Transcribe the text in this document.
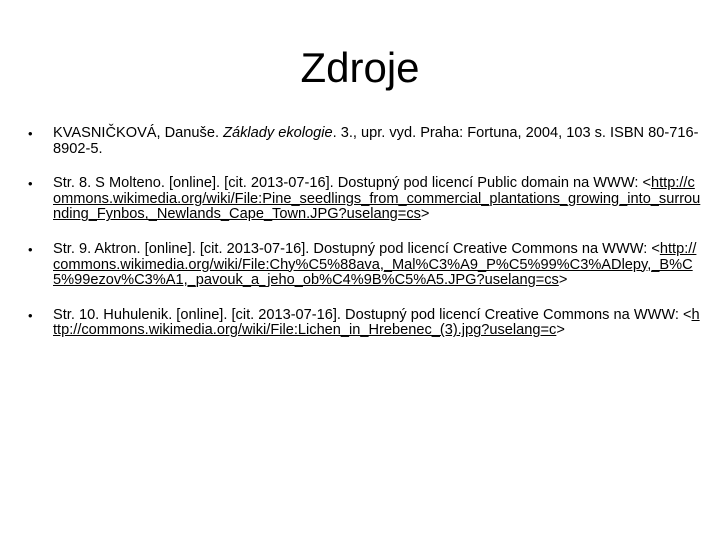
Zdroje
• KVASNIČKOVÁ, Danuše. Základy ekologie. 3., upr. vyd. Praha: Fortuna, 2004, 103 s. ISBN 80-716-8902-5.
• Str. 8. S Molteno. [online]. [cit. 2013-07-16]. Dostupný pod licencí Public domain na WWW: <http://commons.wikimedia.org/wiki/File:Pine_seedlings_from_commercial_plantations_growing_into_surrounding_Fynbos,_Newlands_Cape_Town.JPG?uselang=cs>
• Str. 9. Aktron. [online]. [cit. 2013-07-16]. Dostupný pod licencí Creative Commons na WWW: <http://commons.wikimedia.org/wiki/File:Chy%C5%88ava,_Mal%C3%A9_P%C5%99%C3%ADlepy,_B%C5%99ezov%C3%A1,_pavouk_a_jeho_ob%C4%9B%C5%A5.JPG?uselang=cs>
• Str. 10. Huhulenik. [online]. [cit. 2013-07-16]. Dostupný pod licencí Creative Commons na WWW: <http://commons.wikimedia.org/wiki/File:Lichen_in_Hrebenec_(3).jpg?uselang=c>
